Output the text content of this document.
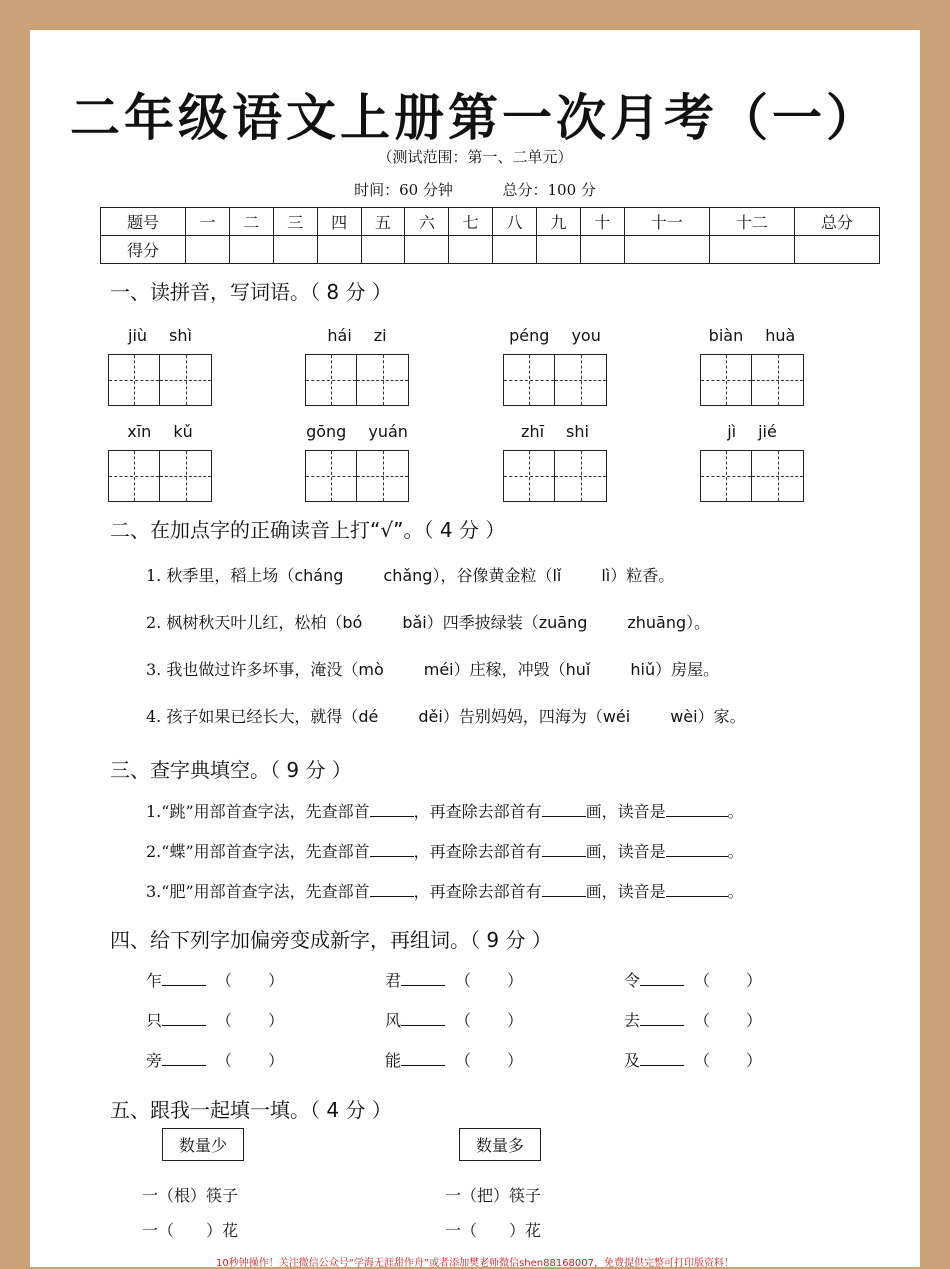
二年级语文上册第一次月考（一）
（测试范围：第一、二单元）
时间：60 分钟	总分：100 分
题号	一	二	三	四	五	六	七	八	九	十	十一	十二	总分
得分													
一、读拼音，写词语。（ 8 分 ）
jiù shì	hái zi	péng you	biàn huà
xīn kǔ	gōng yuán	zhī shi	jì jié
二、在加点字的正确读音上打“√”。（ 4 分 ）
1. 秋季里，稻上场（cháng	chǎng），谷像黄金粒（lǐ	lì）粒香。
2. 枫树秋天叶儿红，松柏（bó	bǎi）四季披绿装（zuāng	zhuāng）。
3. 我也做过许多坏事，淹没（mò	méi）庄稼，冲毁（huǐ	hiǔ）房屋。
4. 孩子如果已经长大，就得（dé	děi）告别妈妈，四海为（wéi	wèi）家。
三、查字典填空。（ 9 分 ）
1.“跳”用部首查字法，先查部首	，再查除去部首有	画，读音是	。
2.“蝶”用部首查字法，先查部首	，再查除去部首有	画，读音是	。
3.“肥”用部首查字法，先查部首	，再查除去部首有	画，读音是	。
四、给下列字加偏旁变成新字，再组词。（ 9 分 ）
乍	（ ）	君	（ ）	令	（ ）
只	（ ）	风	（ ）	去	（ ）
旁	（ ）	能	（ ）	及	（ ）
五、跟我一起填一填。（ 4 分 ）
数量少	数量多
一（根）筷子
一（　　）花
一（把）筷子
一（　　）花
10秒钟操作！关注微信公众号“学海无涯甜作舟”或者添加樊老师微信shen88168007，免费提供完整可打印版资料！
